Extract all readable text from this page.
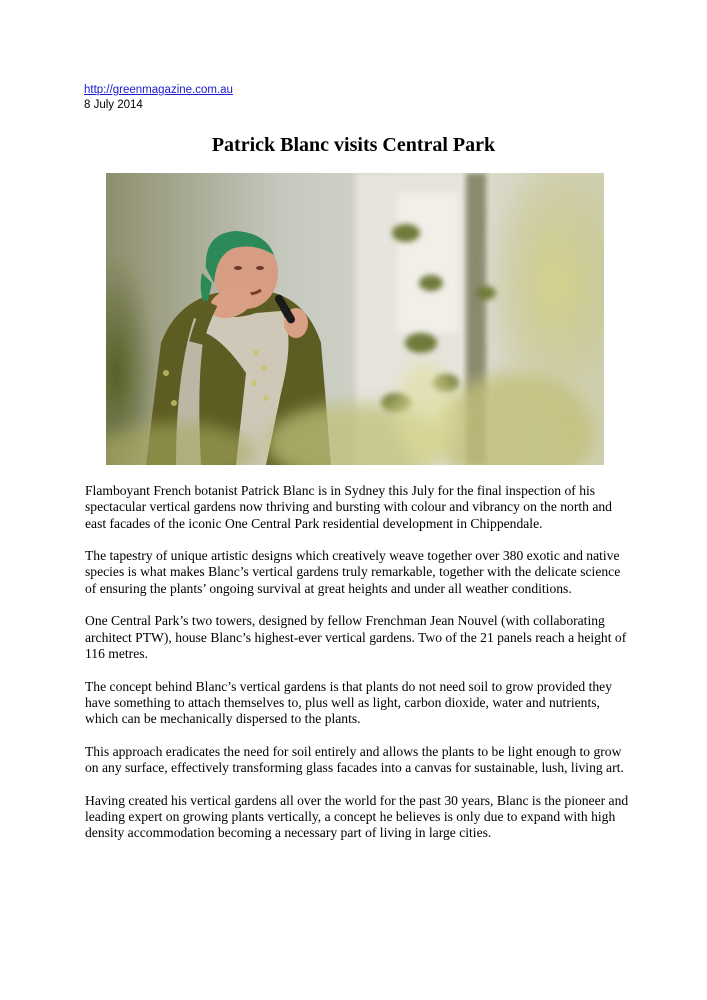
http://greenmagazine.com.au
8 July 2014
Patrick Blanc visits Central Park

Flamboyant French botanist Patrick Blanc is in Sydney this July for the final inspection of his spectacular vertical gardens now thriving and bursting with colour and vibrancy on the north and east facades of the iconic One Central Park residential development in Chippendale.

The tapestry of unique artistic designs which creatively weave together over 380 exotic and native species is what makes Blanc’s vertical gardens truly remarkable, together with the delicate science of ensuring the plants’ ongoing survival at great heights and under all weather conditions.

One Central Park’s two towers, designed by fellow Frenchman Jean Nouvel (with collaborating architect PTW), house Blanc’s highest-ever vertical gardens. Two of the 21 panels reach a height of 116 metres.

The concept behind Blanc’s vertical gardens is that plants do not need soil to grow provided they have something to attach themselves to, plus well as light, carbon dioxide, water and nutrients, which can be mechanically dispersed to the plants.

This approach eradicates the need for soil entirely and allows the plants to be light enough to grow on any surface, effectively transforming glass facades into a canvas for sustainable, lush, living art.

Having created his vertical gardens all over the world for the past 30 years, Blanc is the pioneer and leading expert on growing plants vertically, a concept he believes is only due to expand with high density accommodation becoming a necessary part of living in large cities.
